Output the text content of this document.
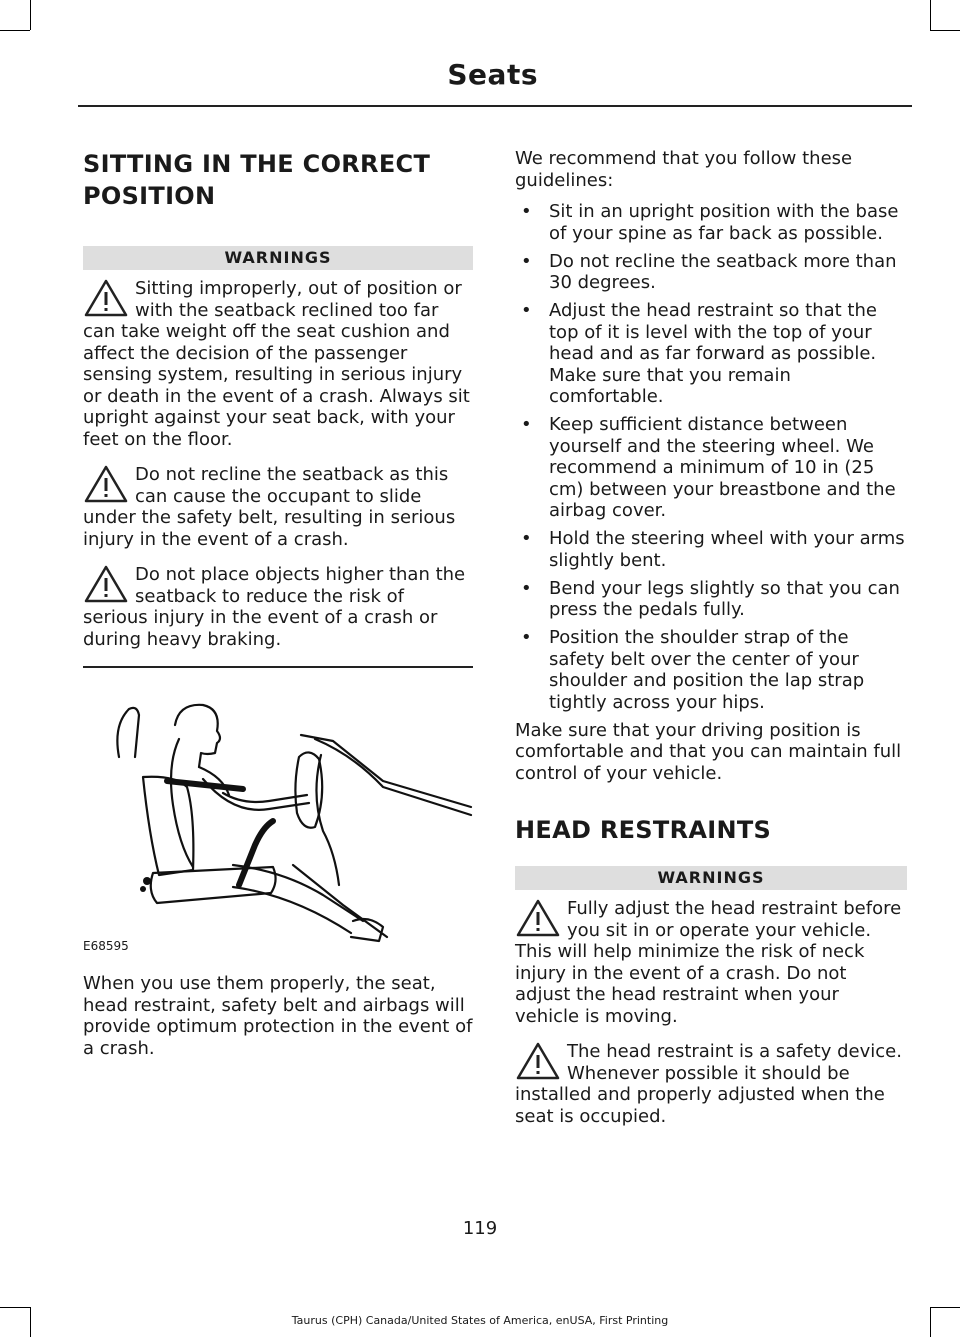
Seats
SITTING IN THE CORRECT
POSITION
WARNINGS
Sitting improperly, out of position or with the seatback reclined too far can take weight off the seat cushion and affect the decision of the passenger sensing system, resulting in serious injury or death in the event of a crash. Always sit upright against your seat back, with your feet on the floor.
Do not recline the seatback as this can cause the occupant to slide under the safety belt, resulting in serious injury in the event of a crash.
Do not place objects higher than the seatback to reduce the risk of serious injury in the event of a crash or during heavy braking.
E68595

When you use them properly, the seat, head restraint, safety belt and airbags will provide optimum protection in the event of a crash.

We recommend that you follow these guidelines:

• Sit in an upright position with the base of your spine as far back as possible.
• Do not recline the seatback more than 30 degrees.
• Adjust the head restraint so that the top of it is level with the top of your head and as far forward as possible. Make sure that you remain comfortable.
• Keep sufficient distance between yourself and the steering wheel. We recommend a minimum of 10 in (25 cm) between your breastbone and the airbag cover.
• Hold the steering wheel with your arms slightly bent.
• Bend your legs slightly so that you can press the pedals fully.
• Position the shoulder strap of the safety belt over the center of your shoulder and position the lap strap tightly across your hips.

Make sure that your driving position is comfortable and that you can maintain full control of your vehicle.

HEAD RESTRAINTS
WARNINGS
Fully adjust the head restraint before you sit in or operate your vehicle. This will help minimize the risk of neck injury in the event of a crash. Do not adjust the head restraint when your vehicle is moving.
The head restraint is a safety device. Whenever possible it should be installed and properly adjusted when the seat is occupied.
119
Taurus (CPH) Canada/United States of America, enUSA, First Printing
